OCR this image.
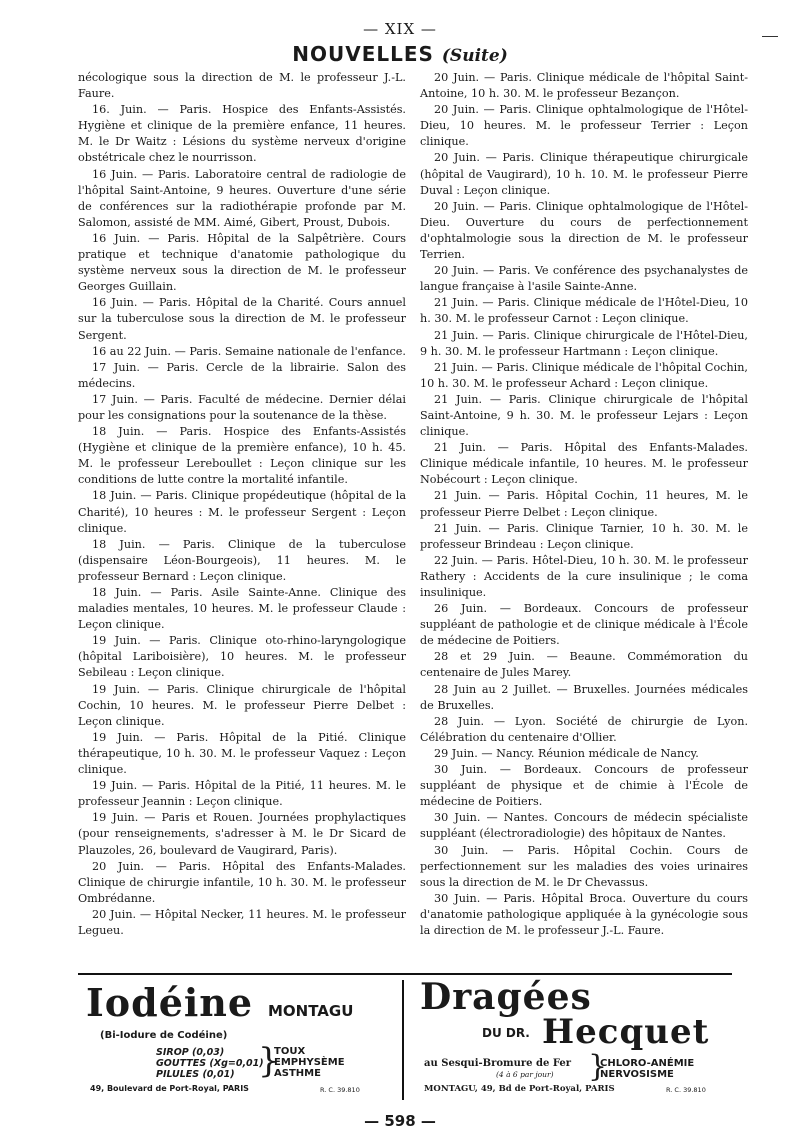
— XIX —
NOUVELLES (Suite)

nécologique sous la direction de M. le professeur J.-L. Faure.

16. Juin. — Paris. Hospice des Enfants-Assistés. Hygiène et clinique de la première enfance, 11 heures. M. le Dr Waitz : Lésions du système nerveux d'origine obstétricale chez le nourrisson.

16 Juin. — Paris. Laboratoire central de radiologie de l'hôpital Saint-Antoine, 9 heures. Ouverture d'une série de conférences sur la radiothérapie profonde par M. Salomon, assisté de MM. Aimé, Gibert, Proust, Dubois.

16 Juin. — Paris. Hôpital de la Salpêtrière. Cours pratique et technique d'anatomie pathologique du système nerveux sous la direction de M. le professeur Georges Guillain.

16 Juin. — Paris. Hôpital de la Charité. Cours annuel sur la tuberculose sous la direction de M. le professeur Sergent.

16 au 22 Juin. — Paris. Semaine nationale de l'enfance.

17 Juin. — Paris. Cercle de la librairie. Salon des médecins.

17 Juin. — Paris. Faculté de médecine. Dernier délai pour les consignations pour la soutenance de la thèse.

18 Juin. — Paris. Hospice des Enfants-Assistés (Hygiène et clinique de la première enfance), 10 h. 45. M. le professeur Lereboullet : Leçon clinique sur les conditions de lutte contre la mortalité infantile.

18 Juin. — Paris. Clinique propédeutique (hôpital de la Charité), 10 heures : M. le professeur Sergent : Leçon clinique.

18 Juin. — Paris. Clinique de la tuberculose (dispensaire Léon-Bourgeois), 11 heures. M. le professeur Bernard : Leçon clinique.

18 Juin. — Paris. Asile Sainte-Anne. Clinique des maladies mentales, 10 heures. M. le professeur Claude : Leçon clinique.

19 Juin. — Paris. Clinique oto-rhino-laryngologique (hôpital Lariboisière), 10 heures. M. le professeur Sebileau : Leçon clinique.

19 Juin. — Paris. Clinique chirurgicale de l'hôpital Cochin, 10 heures. M. le professeur Pierre Delbet : Leçon clinique.

19 Juin. — Paris. Hôpital de la Pitié. Clinique thérapeutique, 10 h. 30. M. le professeur Vaquez : Leçon clinique.

19 Juin. — Paris. Hôpital de la Pitié, 11 heures. M. le professeur Jeannin : Leçon clinique.

19 Juin. — Paris et Rouen. Journées prophylactiques (pour renseignements, s'adresser à M. le Dr Sicard de Plauzoles, 26, boulevard de Vaugirard, Paris).

20 Juin. — Paris. Hôpital des Enfants-Malades. Clinique de chirurgie infantile, 10 h. 30. M. le professeur Ombrédanne.

20 Juin. — Hôpital Necker, 11 heures. M. le professeur Legueu.

20 Juin. — Paris. Clinique médicale de l'hôpital Saint-Antoine, 10 h. 30. M. le professeur Bezançon.

20 Juin. — Paris. Clinique ophtalmologique de l'Hôtel-Dieu, 10 heures. M. le professeur Terrier : Leçon clinique.

20 Juin. — Paris. Clinique thérapeutique chirurgicale (hôpital de Vaugirard), 10 h. 10. M. le professeur Pierre Duval : Leçon clinique.

20 Juin. — Paris. Clinique ophtalmologique de l'Hôtel-Dieu. Ouverture du cours de perfectionnement d'ophtalmologie sous la direction de M. le professeur Terrien.

20 Juin. — Paris. Ve conférence des psychanalystes de langue française à l'asile Sainte-Anne.

21 Juin. — Paris. Clinique médicale de l'Hôtel-Dieu, 10 h. 30. M. le professeur Carnot : Leçon clinique.

21 Juin. — Paris. Clinique chirurgicale de l'Hôtel-Dieu, 9 h. 30. M. le professeur Hartmann : Leçon clinique.

21 Juin. — Paris. Clinique médicale de l'hôpital Cochin, 10 h. 30. M. le professeur Achard : Leçon clinique.

21 Juin. — Paris. Clinique chirurgicale de l'hôpital Saint-Antoine, 9 h. 30. M. le professeur Lejars : Leçon clinique.

21 Juin. — Paris. Hôpital des Enfants-Malades. Clinique médicale infantile, 10 heures. M. le professeur Nobécourt : Leçon clinique.

21 Juin. — Paris. Hôpital Cochin, 11 heures, M. le professeur Pierre Delbet : Leçon clinique.

21 Juin. — Paris. Clinique Tarnier, 10 h. 30. M. le professeur Brindeau : Leçon clinique.

22 Juin. — Paris. Hôtel-Dieu, 10 h. 30. M. le professeur Rathery : Accidents de la cure insulinique ; le coma insulinique.

26 Juin. — Bordeaux. Concours de professeur suppléant de pathologie et de clinique médicale à l'École de médecine de Poitiers.

28 et 29 Juin. — Beaune. Commémoration du centenaire de Jules Marey.

28 Juin au 2 Juillet. — Bruxelles. Journées médicales de Bruxelles.

28 Juin. — Lyon. Société de chirurgie de Lyon. Célébration du centenaire d'Ollier.

29 Juin. — Nancy. Réunion médicale de Nancy.

30 Juin. — Bordeaux. Concours de professeur suppléant de physique et de chimie à l'École de médecine de Poitiers.

30 Juin. — Nantes. Concours de médecin spécialiste suppléant (électroradiologie) des hôpitaux de Nantes.

30 Juin. — Paris. Hôpital Cochin. Cours de perfectionnement sur les maladies des voies urinaires sous la direction de M. le Dr Chevassus.

30 Juin. — Paris. Hôpital Broca. Ouverture du cours d'anatomie pathologique appliquée à la gynécologie sous la direction de M. le professeur J.-L. Faure.

Iodéine MONTAGU
(Bi-Iodure de Codéine)
SIROP (0,03)
GOUTTES (Xg=0,01)
PILULES (0,01) }
TOUX
EMPHYSÈME
ASTHME
49, Boulevard de Port-Royal, PARIS	R. C. 39.810
Dragées
DU DR. Hecquet
au Sesqui-Bromure de Fer
(4 à 6 par jour) }
CHLORO-ANÉMIE
NERVOSISME
MONTAGU, 49, Bd de Port-Royal, PARIS	R. C. 39.810
— 598 —
